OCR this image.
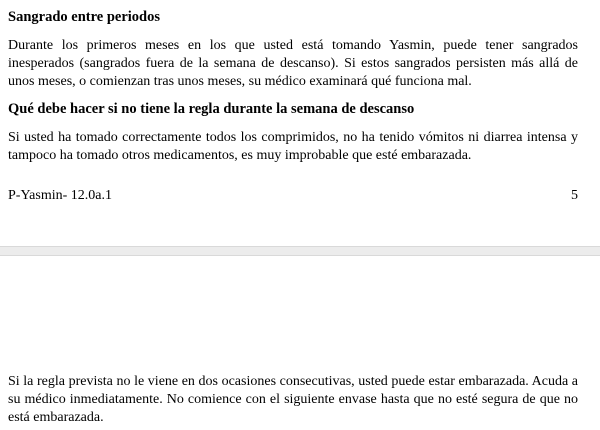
Sangrado entre periodos

Durante los primeros meses en los que usted está tomando Yasmin, puede tener sangrados inesperados (sangrados fuera de la semana de descanso). Si estos sangrados persisten más allá de unos meses, o comienzan tras unos meses, su médico examinará qué funciona mal.

Qué debe hacer si no tiene la regla durante la semana de descanso

Si usted ha tomado correctamente todos los comprimidos, no ha tenido vómitos ni diarrea intensa y tampoco ha tomado otros medicamentos, es muy improbable que esté embarazada.

P-Yasmin- 12.0a.1	5

Si la regla prevista no le viene en dos ocasiones consecutivas, usted puede estar embarazada. Acuda a su médico inmediatamente. No comience con el siguiente envase hasta que no esté segura de que no está embarazada.
